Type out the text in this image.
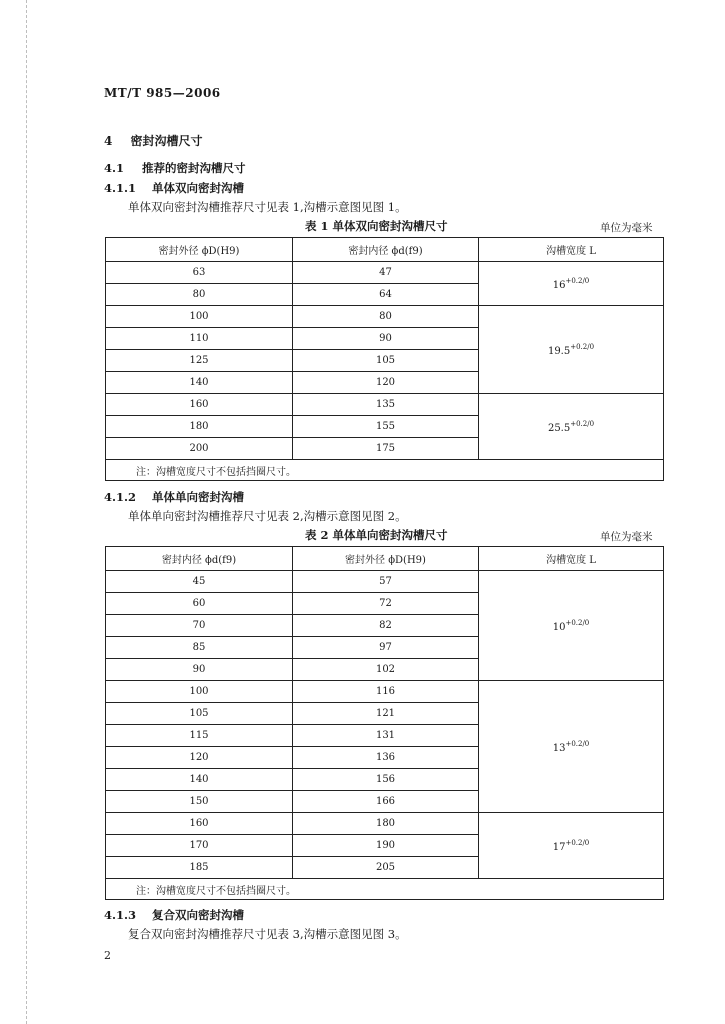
MT/T 985—2006
4 密封沟槽尺寸
4.1 推荐的密封沟槽尺寸
4.1.1 单体双向密封沟槽
单体双向密封沟槽推荐尺寸见表 1,沟槽示意图见图 1。
表 1 单体双向密封沟槽尺寸	单位为毫米
密封外径 ϕD(H9)	密封内径 ϕd(f9)	沟槽宽度 L
63	47	$16^{+0.2/0}$
80	64	
100	80	$19.5^{+0.2/0}$
110	90	
125	105	
140	120	
160	135	$25.5^{+0.2/0}$
180	155	
200	175	
注：沟槽宽度尺寸不包括挡圈尺寸。		
4.1.2 单体单向密封沟槽
单体单向密封沟槽推荐尺寸见表 2,沟槽示意图见图 2。
表 2 单体单向密封沟槽尺寸	单位为毫米
密封内径 ϕd(f9)	密封外径 ϕD(H9)	沟槽宽度 L
45	57	$10^{+0.2/0}$
60	72	
70	82	
85	97	
90	102	
100	116	$13^{+0.2/0}$
105	121	
115	131	
120	136	
140	156	
150	166	
160	180	$17^{+0.2/0}$
170	190	
185	205	
注：沟槽宽度尺寸不包括挡圈尺寸。		
4.1.3 复合双向密封沟槽
复合双向密封沟槽推荐尺寸见表 3,沟槽示意图见图 3。
2
